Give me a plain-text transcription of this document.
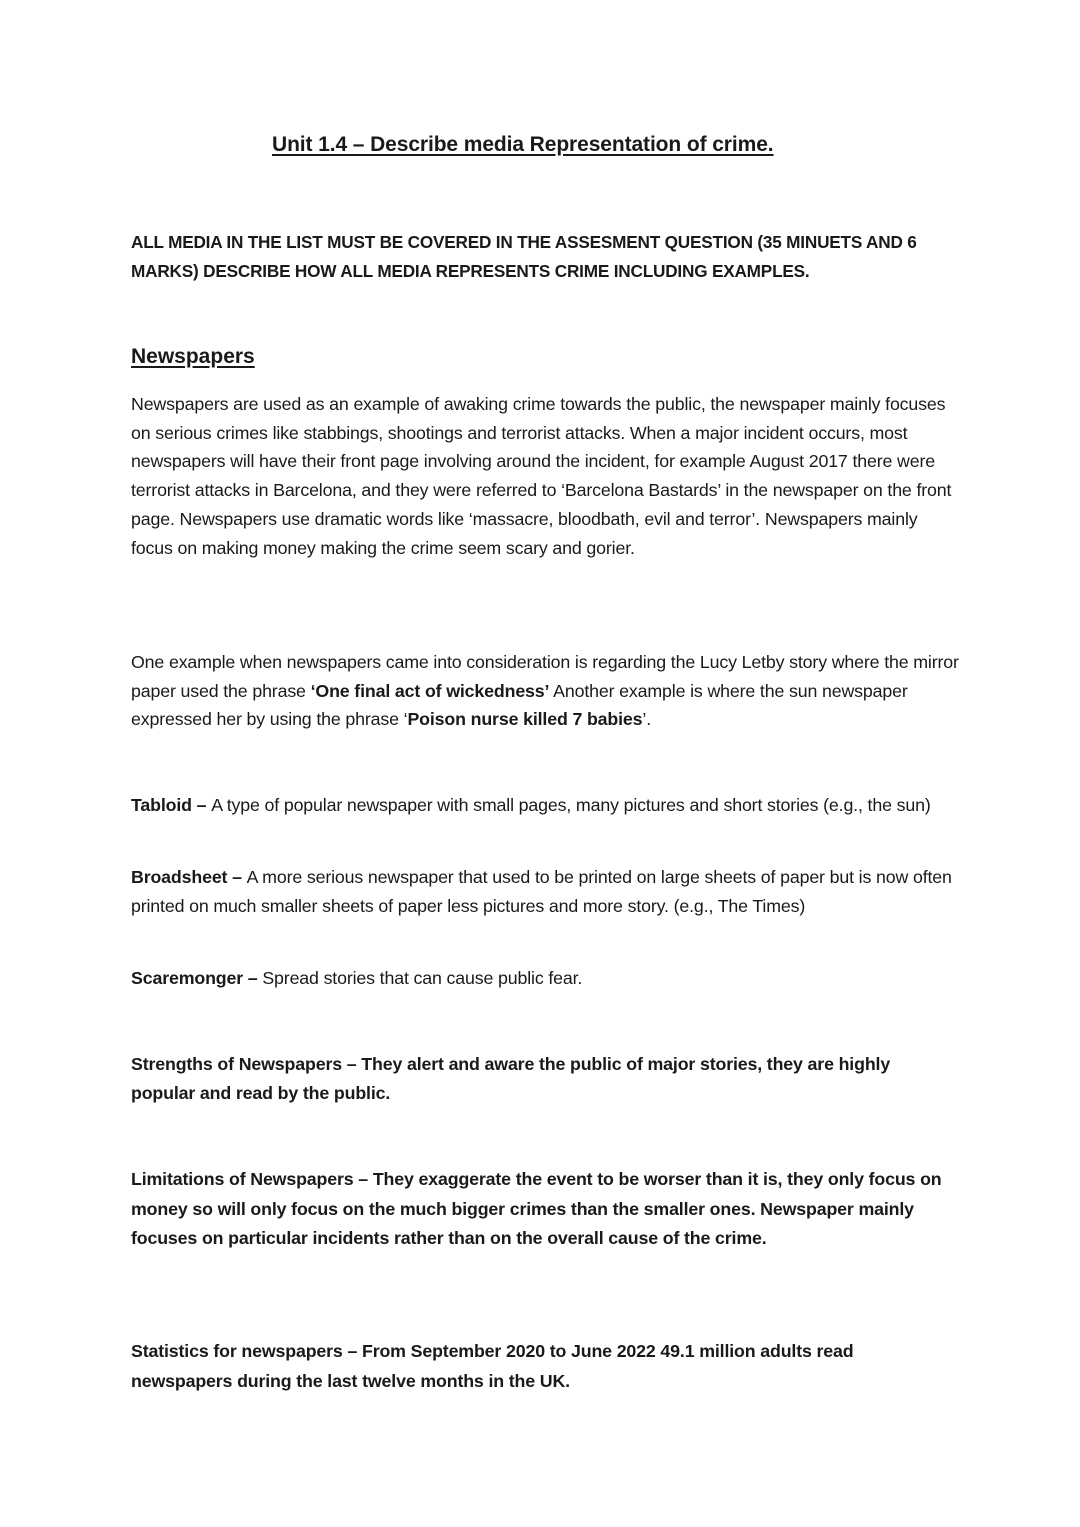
Unit 1.4 – Describe media Representation of crime.
ALL MEDIA IN THE LIST MUST BE COVERED IN THE ASSESMENT QUESTION (35 MINUETS AND 6 MARKS) DESCRIBE HOW ALL MEDIA REPRESENTS CRIME INCLUDING EXAMPLES.
Newspapers
Newspapers are used as an example of awaking crime towards the public, the newspaper mainly focuses on serious crimes like stabbings, shootings and terrorist attacks. When a major incident occurs, most newspapers will have their front page involving around the incident, for example August 2017 there were terrorist attacks in Barcelona, and they were referred to ‘Barcelona Bastards’ in the newspaper on the front page. Newspapers use dramatic words like ‘massacre, bloodbath, evil and terror’. Newspapers mainly focus on making money making the crime seem scary and gorier.
One example when newspapers came into consideration is regarding the Lucy Letby story where the mirror paper used the phrase ‘One final act of wickedness’ Another example is where the sun newspaper expressed her by using the phrase ‘Poison nurse killed 7 babies’.
Tabloid – A type of popular newspaper with small pages, many pictures and short stories (e.g., the sun)
Broadsheet – A more serious newspaper that used to be printed on large sheets of paper but is now often printed on much smaller sheets of paper less pictures and more story. (e.g., The Times)
Scaremonger – Spread stories that can cause public fear.
Strengths of Newspapers – They alert and aware the public of major stories, they are highly popular and read by the public.
Limitations of Newspapers – They exaggerate the event to be worser than it is, they only focus on money so will only focus on the much bigger crimes than the smaller ones. Newspaper mainly focuses on particular incidents rather than on the overall cause of the crime.
Statistics for newspapers – From September 2020 to June 2022 49.1 million adults read newspapers during the last twelve months in the UK.
